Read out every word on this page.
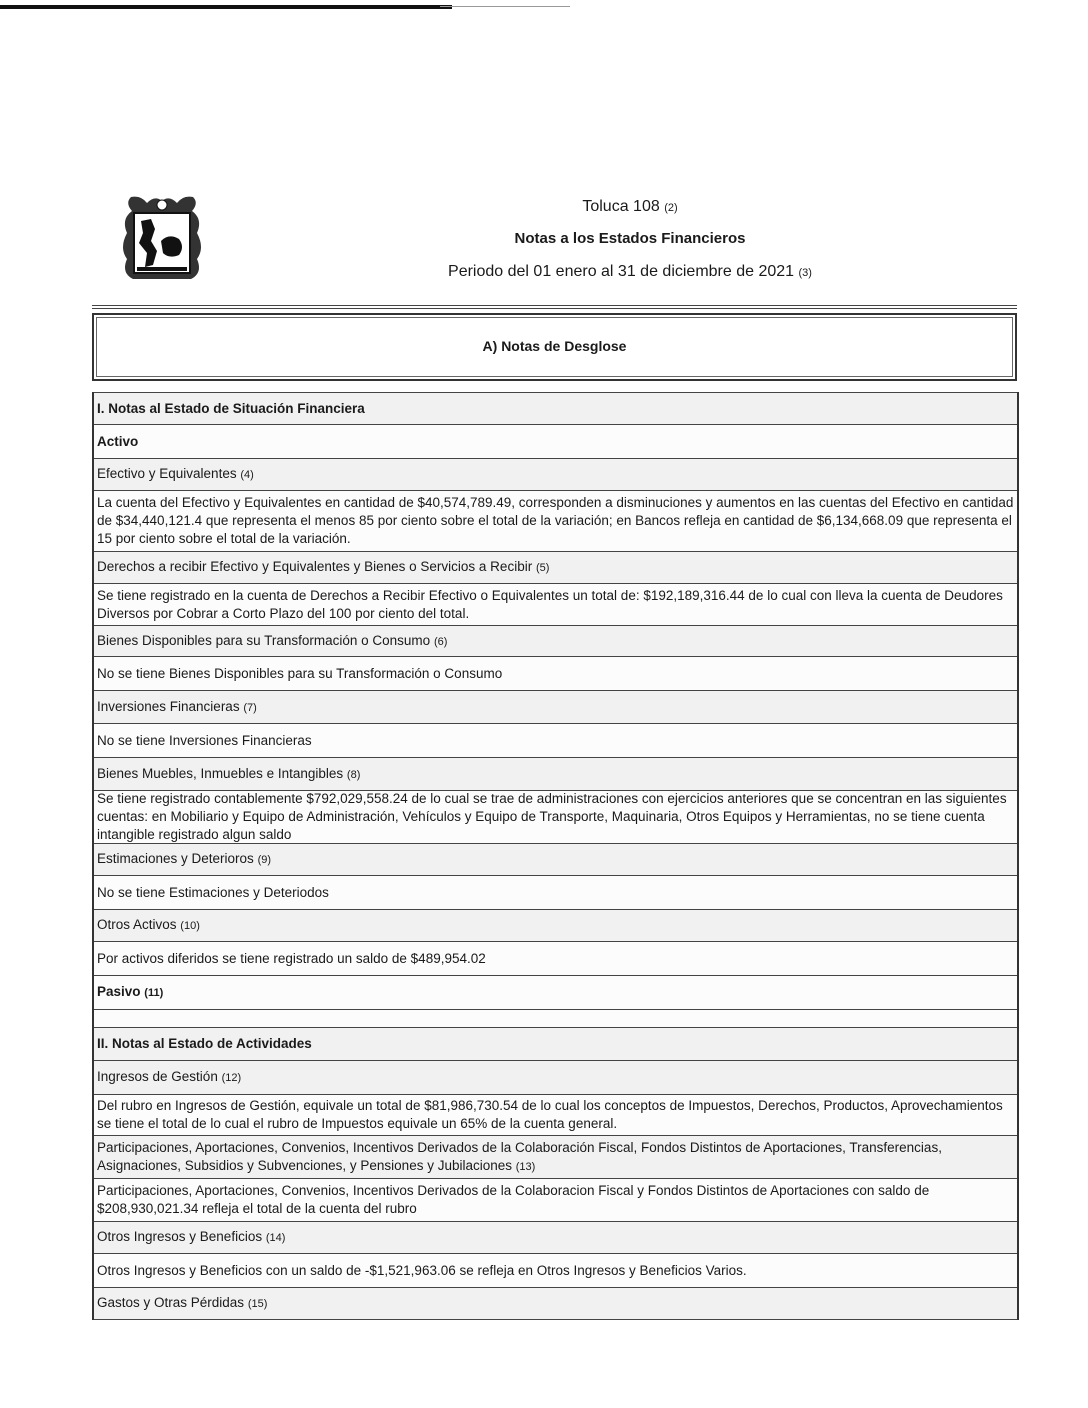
Toluca 108 (2)
Notas a los Estados Financieros
Periodo del 01 enero al 31 de diciembre de 2021 (3)
A) Notas de Desglose
I. Notas al Estado de Situación Financiera
Activo
Efectivo y Equivalentes (4)
La cuenta del Efectivo y Equivalentes en cantidad de $40,574,789.49, corresponden a disminuciones y aumentos en las cuentas del Efectivo en cantidad de $34,440,121.4 que representa el menos 85 por ciento sobre el total de la variación; en Bancos refleja en cantidad de $6,134,668.09 que representa el 15 por ciento sobre el total de la variación.
Derechos a recibir Efectivo y Equivalentes y Bienes o Servicios a Recibir (5)
Se tiene registrado en la cuenta de Derechos a Recibir Efectivo o Equivalentes un total de: $192,189,316.44 de lo cual con lleva la cuenta de Deudores Diversos por Cobrar a Corto Plazo del 100 por ciento del total.
Bienes Disponibles para su Transformación o Consumo (6)
No se tiene Bienes Disponibles para su Transformación o Consumo
Inversiones Financieras (7)
No se tiene Inversiones Financieras
Bienes Muebles, Inmuebles e Intangibles (8)
Se tiene registrado contablemente $792,029,558.24 de lo cual se trae de administraciones con ejercicios anteriores que se concentran en las siguientes cuentas: en Mobiliario y Equipo de Administración, Vehículos y Equipo de Transporte, Maquinaria, Otros Equipos y Herramientas, no se tiene cuenta intangible registrado algun saldo
Estimaciones y Deterioros (9)
No se tiene Estimaciones y Deteriodos
Otros Activos (10)
Por activos diferidos se tiene registrado un saldo de $489,954.02
Pasivo (11)
II. Notas al Estado de Actividades
Ingresos de Gestión (12)
Del rubro en Ingresos de Gestión, equivale un total de $81,986,730.54 de lo cual los conceptos de Impuestos, Derechos, Productos, Aprovechamientos se tiene el total de lo cual el rubro de Impuestos equivale un 65% de la cuenta general.
Participaciones, Aportaciones, Convenios, Incentivos Derivados de la Colaboración Fiscal, Fondos Distintos de Aportaciones, Transferencias, Asignaciones, Subsidios y Subvenciones, y Pensiones y Jubilaciones (13)
Participaciones, Aportaciones, Convenios, Incentivos Derivados de la Colaboracion Fiscal y Fondos Distintos de Aportaciones con saldo de $208,930,021.34 refleja el total de la cuenta del rubro
Otros Ingresos y Beneficios (14)
Otros Ingresos y Beneficios con un saldo de -$1,521,963.06 se refleja en Otros Ingresos y Beneficios Varios.
Gastos y Otras Pérdidas (15)
